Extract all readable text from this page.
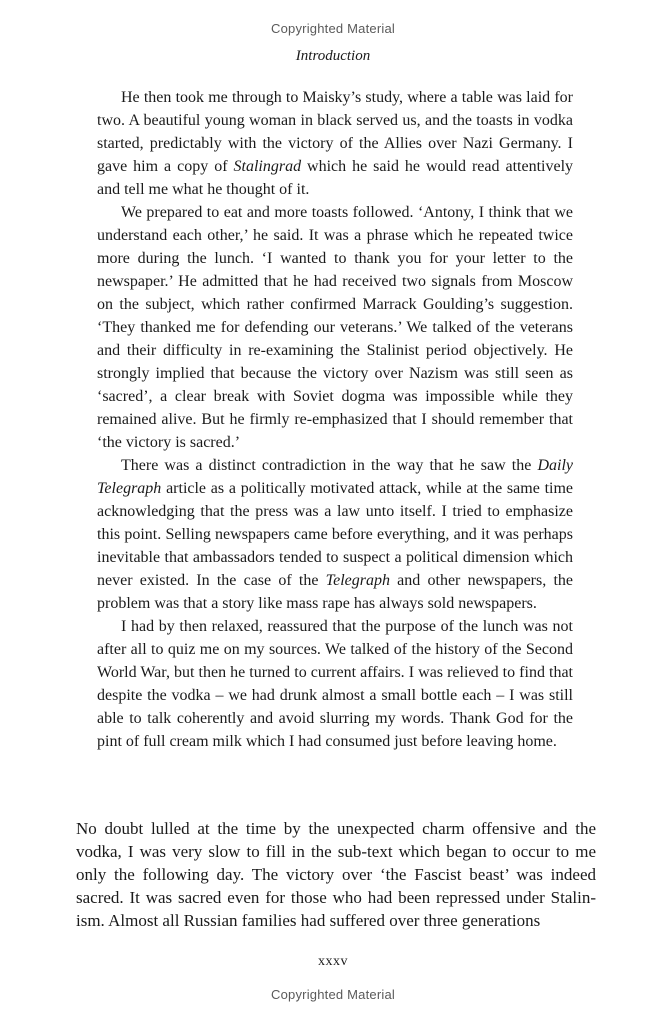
Copyrighted Material
Introduction

He then took me through to Maisky’s study, where a table was laid for two. A beautiful young woman in black served us, and the toasts in vodka started, predictably with the victory of the Allies over Nazi Germany. I gave him a copy of Stalingrad which he said he would read attentively and tell me what he thought of it.

We prepared to eat and more toasts followed. ‘Antony, I think that we understand each other,’ he said. It was a phrase which he repeated twice more during the lunch. ‘I wanted to thank you for your letter to the newspaper.’ He admitted that he had received two signals from Moscow on the subject, which rather confirmed Marrack Goulding’s suggestion. ‘They thanked me for defending our veterans.’ We talked of the veterans and their difficulty in re-examining the Stalinist period objectively. He strongly implied that because the victory over Nazism was still seen as ‘sacred’, a clear break with Soviet dogma was impossible while they remained alive. But he firmly re-emphasized that I should remember that ‘the victory is sacred.’

There was a distinct contradiction in the way that he saw the Daily Telegraph article as a politically motivated attack, while at the same time acknowledging that the press was a law unto itself. I tried to emphasize this point. Selling newspapers came before everything, and it was perhaps inevitable that ambassadors tended to suspect a political dimension which never existed. In the case of the Telegraph and other newspapers, the problem was that a story like mass rape has always sold newspapers.

I had by then relaxed, reassured that the purpose of the lunch was not after all to quiz me on my sources. We talked of the history of the Second World War, but then he turned to current affairs. I was relieved to find that despite the vodka – we had drunk almost a small bottle each – I was still able to talk coherently and avoid slurring my words. Thank God for the pint of full cream milk which I had consumed just before leaving home.

No doubt lulled at the time by the unexpected charm offensive and the vodka, I was very slow to fill in the sub-text which began to occur to me only the following day. The victory over ‘the Fascist beast’ was indeed sacred. It was sacred even for those who had been repressed under Stalinism. Almost all Russian families had suffered over three generations

xxxv
Copyrighted Material
